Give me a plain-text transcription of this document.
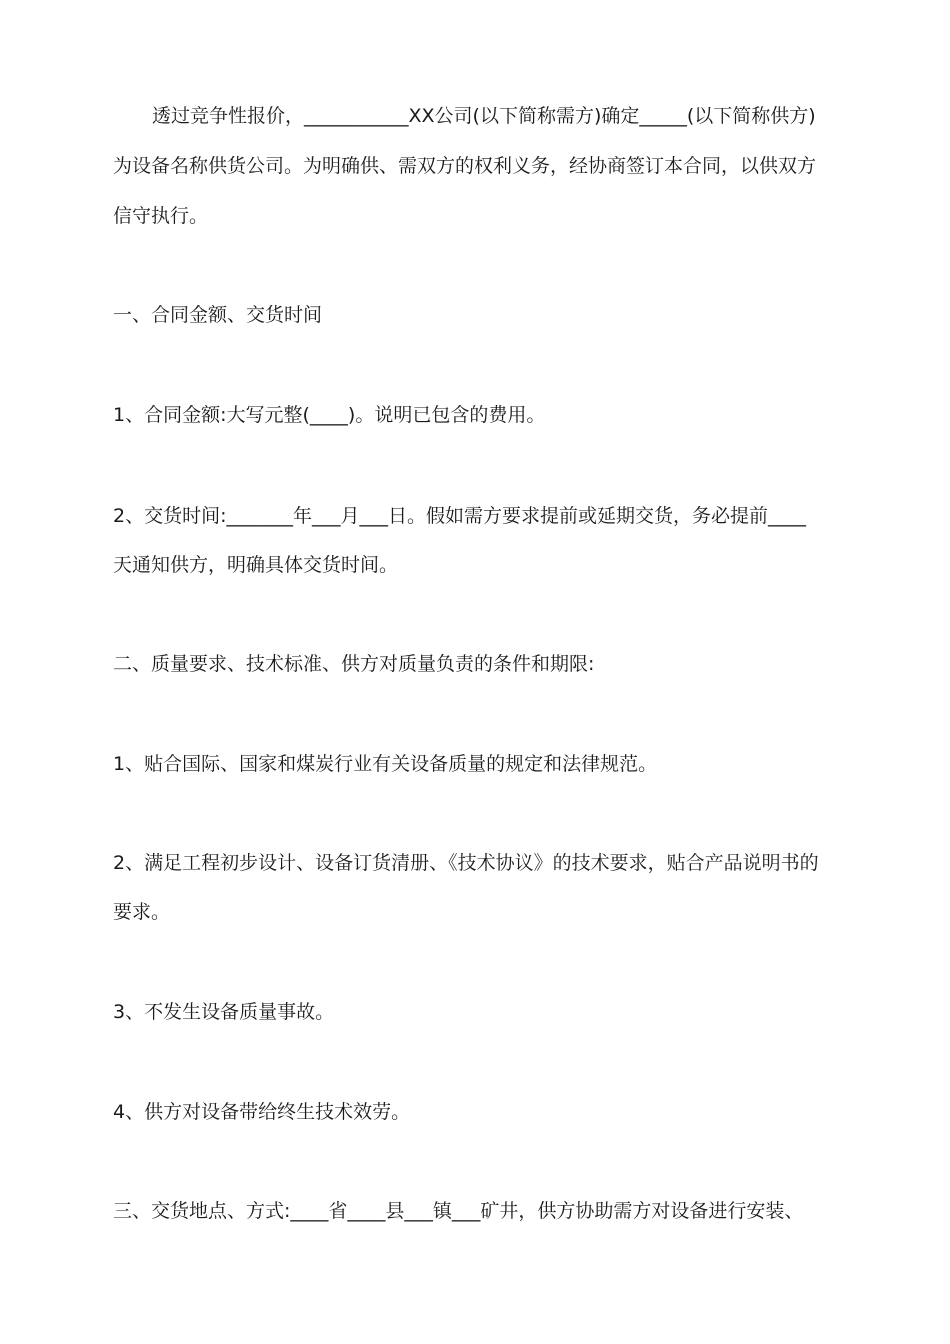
透过竞争性报价，___________XX公司(以下简称需方)确定_____(以下简称供方)
为设备名称供货公司。为明确供、需双方的权利义务，经协商签订本合同，以供双方
信守执行。
一、合同金额、交货时间
1、合同金额:大写元整(____)。说明已包含的费用。
2、交货时间:_______年___月___日。假如需方要求提前或延期交货，务必提前____
天通知供方，明确具体交货时间。
二、质量要求、技术标准、供方对质量负责的条件和期限:
1、贴合国际、国家和煤炭行业有关设备质量的规定和法律规范。
2、满足工程初步设计、设备订货清册、《技术协议》的技术要求，贴合产品说明书的
要求。
3、不发生设备质量事故。
4、供方对设备带给终生技术效劳。
三、交货地点、方式:____省____县___镇___矿井，供方协助需方对设备进行安装、
